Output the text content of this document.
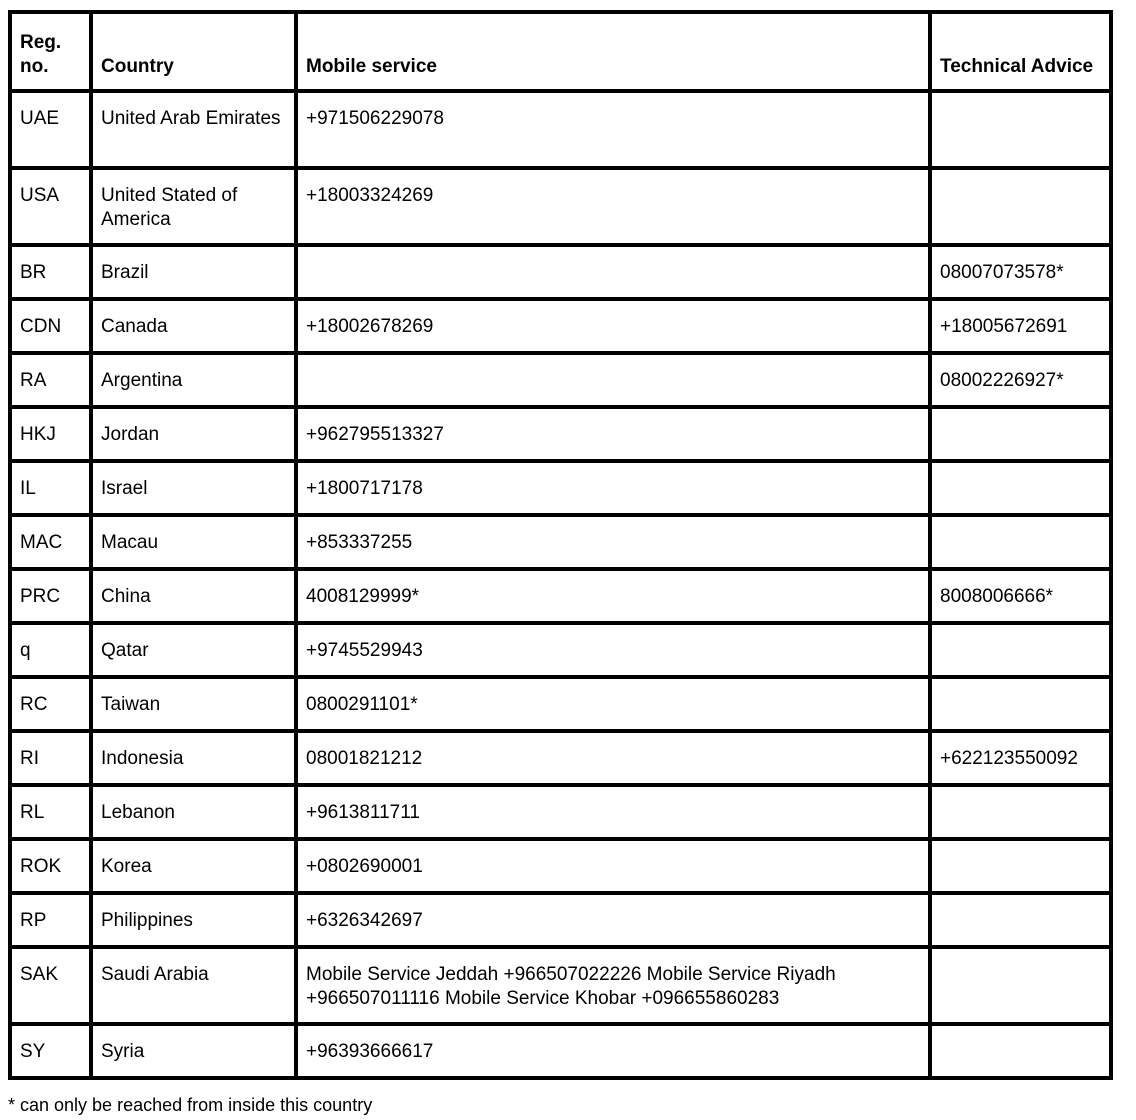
Reg. no.	Country	Mobile service	Technical Advice
UAE	United Arab Emirates	+971506229078	
USA	United Stated of America	+18003324269	
BR	Brazil		08007073578*
CDN	Canada	+18002678269	+18005672691
RA	Argentina		08002226927*
HKJ	Jordan	+962795513327	
IL	Israel	+1800717178	
MAC	Macau	+853337255	
PRC	China	4008129999*	8008006666*
q	Qatar	+9745529943	
RC	Taiwan	0800291101*	
RI	Indonesia	08001821212	+622123550092
RL	Lebanon	+9613811711	
ROK	Korea	+0802690001	
RP	Philippines	+6326342697	
SAK	Saudi Arabia	Mobile Service Jeddah +966507022226 Mobile Service Riyadh +966507011116 Mobile Service Khobar +096655860283	
SY	Syria	+96393666617	
* can only be reached from inside this country
